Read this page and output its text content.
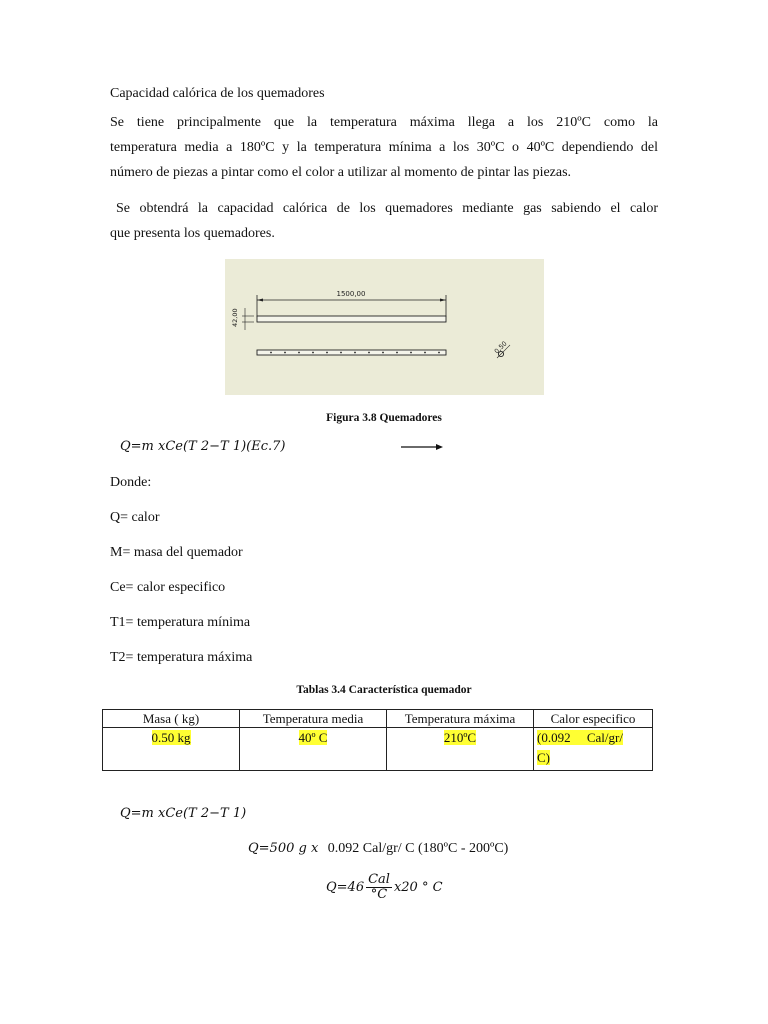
Capacidad calórica de los quemadores
Se tiene principalmente que la temperatura máxima llega a los 210ºC como la
temperatura media a 180ºC y la temperatura mínima a los 30ºC o 40ºC dependiendo del
número de piezas a pintar como el color a utilizar al momento de pintar las piezas.
Se obtendrá la capacidad calórica de los quemadores mediante gas sabiendo el calor
que presenta los quemadores.
1500,00
42,00
0,50
Figura 3.8 Quemadores
Q=m xCe(T 2−T 1)(Ec.7)
Donde:
Q= calor
M= masa del quemador
Ce= calor especifico
T1= temperatura mínima
T2= temperatura máxima
Tablas 3.4 Característica quemador
Masa ( kg)	Temperatura media	Temperatura máxima	Calor especifico
0.50 kg	40º C	210ºC	(0.092     Cal/gr/
C)
Q=m xCe(T 2−T 1)
Q=500 g x 0.092 Cal/gr/ C (180ºC - 200ºC)
$Q=46 \frac{\text{Cal}}{^\circ C} x20$ ° C
